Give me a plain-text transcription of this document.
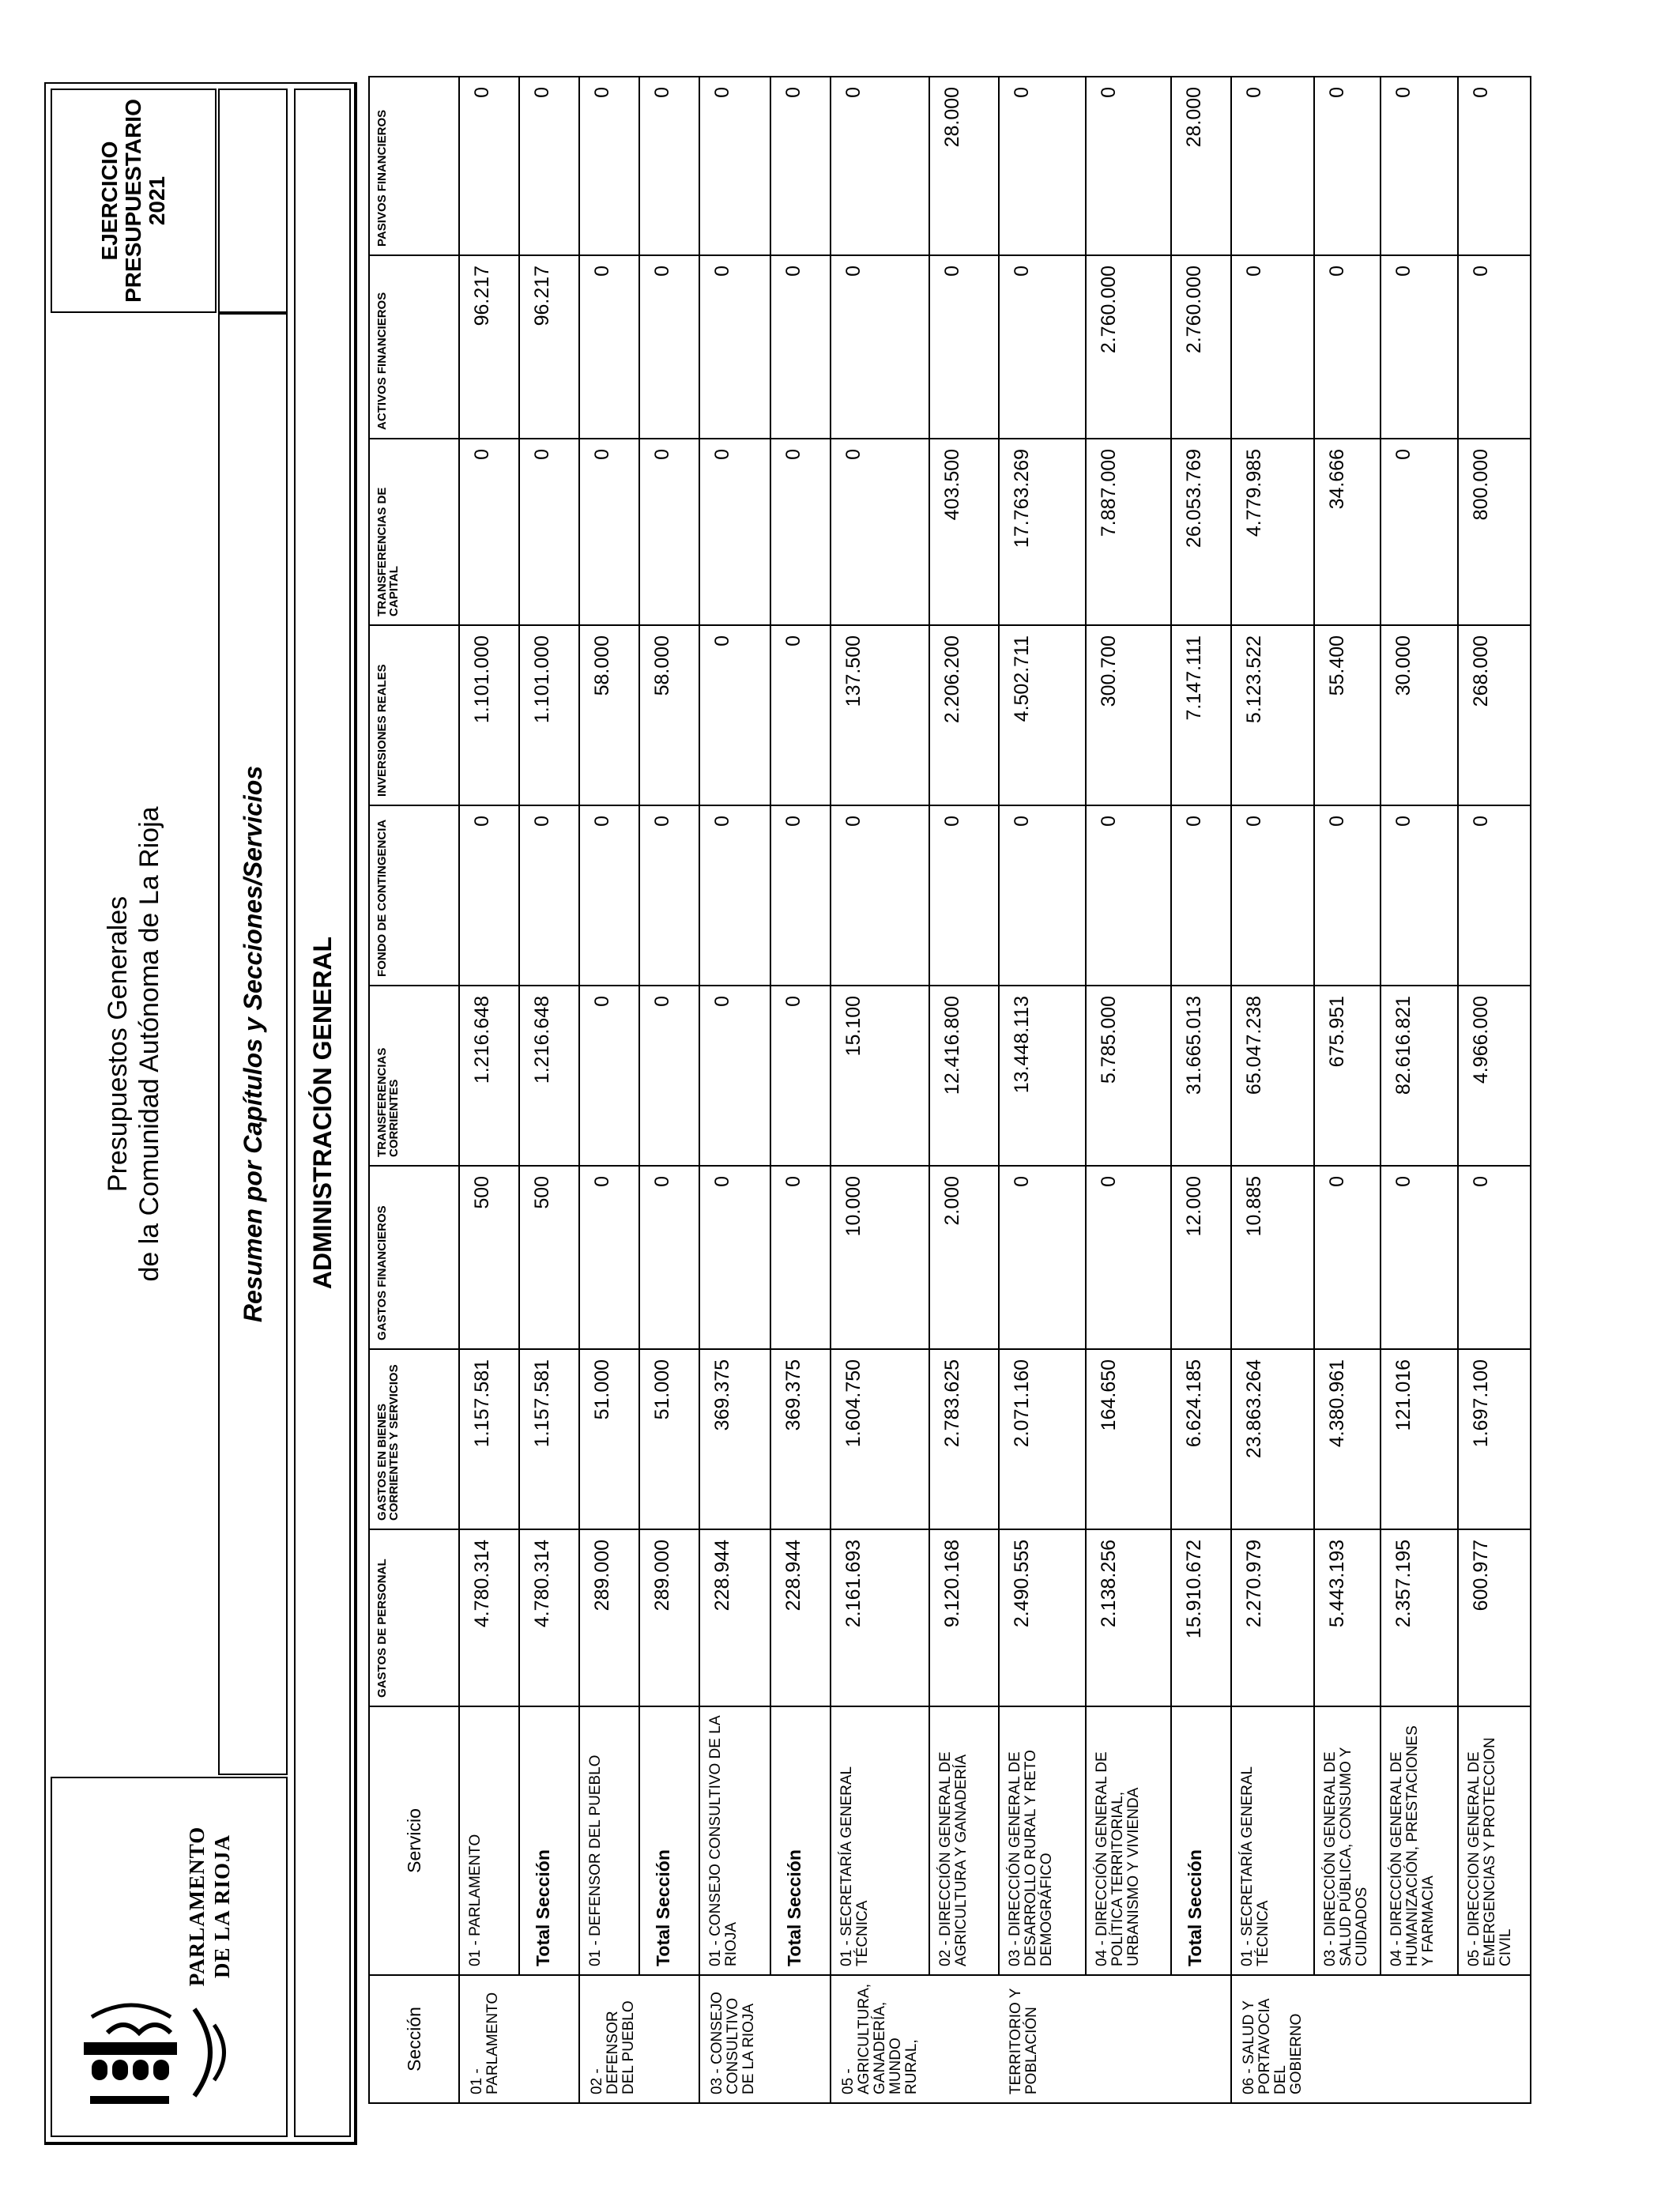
PARLAMENTO DE LA RIOJA
Presupuestos Generales de la Comunidad Autónoma de La Rioja
EJERCICIO PRESUPUESTARIO 2021
Resumen por Capítulos y Secciones/Servicios ADMINISTRACIÓN GENERAL
Sección	Servicio	GASTOS DE PERSONAL	GASTOS EN BIENES CORRIENTES Y SERVICIOS	GASTOS FINANCIEROS	TRANSFERENCIAS CORRIENTES	FONDO DE CONTINGENCIA	INVERSIONES REALES	TRANSFERENCIAS DE CAPITAL	ACTIVOS FINANCIEROS	PASIVOS FINANCIEROS
01 - PARLAMENTO	01 - PARLAMENTO	4.780.314	1.157.581	500	1.216.648	0	1.101.000	0	96.217	0
	Total Sección	4.780.314	1.157.581	500	1.216.648	0	1.101.000	0	96.217	0
02 - DEFENSOR DEL PUEBLO	01 - DEFENSOR DEL PUEBLO	289.000	51.000	0	0	0	58.000	0	0	0
	Total Sección	289.000	51.000	0	0	0	58.000	0	0	0
03 - CONSEJO CONSULTIVO DE LA RIOJA	01 - CONSEJO CONSULTIVO DE LA RIOJA	228.944	369.375	0	0	0	0	0	0	0
	Total Sección	228.944	369.375	0	0	0	0	0	0	0
05 - AGRICULTURA, GANADERÍA, MUNDO RURAL,	01 - SECRETARÍA GENERAL TÉCNICA	2.161.693	1.604.750	10.000	15.100	0	137.500	0	0	0
	02 - DIRECCIÓN GENERAL DE AGRICULTURA Y GANADERÍA	9.120.168	2.783.625	2.000	12.416.800	0	2.206.200	403.500	0	28.000
TERRITORIO Y POBLACIÓN	03 - DIRECCIÓN GENERAL DE DESARROLLO RURAL Y RETO DEMOGRÁFICO	2.490.555	2.071.160	0	13.448.113	0	4.502.711	17.763.269	0	0
	04 - DIRECCIÓN GENERAL DE POLÍTICA TERRITORIAL, URBANISMO Y VIVIENDA	2.138.256	164.650	0	5.785.000	0	300.700	7.887.000	2.760.000	0
	Total Sección	15.910.672	6.624.185	12.000	31.665.013	0	7.147.111	26.053.769	2.760.000	28.000
06 - SALUD Y PORTAVOCIA DEL GOBIERNO	01 - SECRETARÍA GENERAL TÉCNICA	2.270.979	23.863.264	10.885	65.047.238	0	5.123.522	4.779.985	0	0
	03 - DIRECCIÓN GENERAL DE SALUD PÚBLICA, CONSUMO Y CUIDADOS	5.443.193	4.380.961	0	675.951	0	55.400	34.666	0	0
	04 - DIRECCIÓN GENERAL DE HUMANIZACIÓN, PRESTACIONES Y FARMACIA	2.357.195	121.016	0	82.616.821	0	30.000	0	0	0
	05 - DIRECCION GENERAL DE EMERGENCIAS Y PROTECCION CIVIL	600.977	1.697.100	0	4.966.000	0	268.000	800.000	0	0
